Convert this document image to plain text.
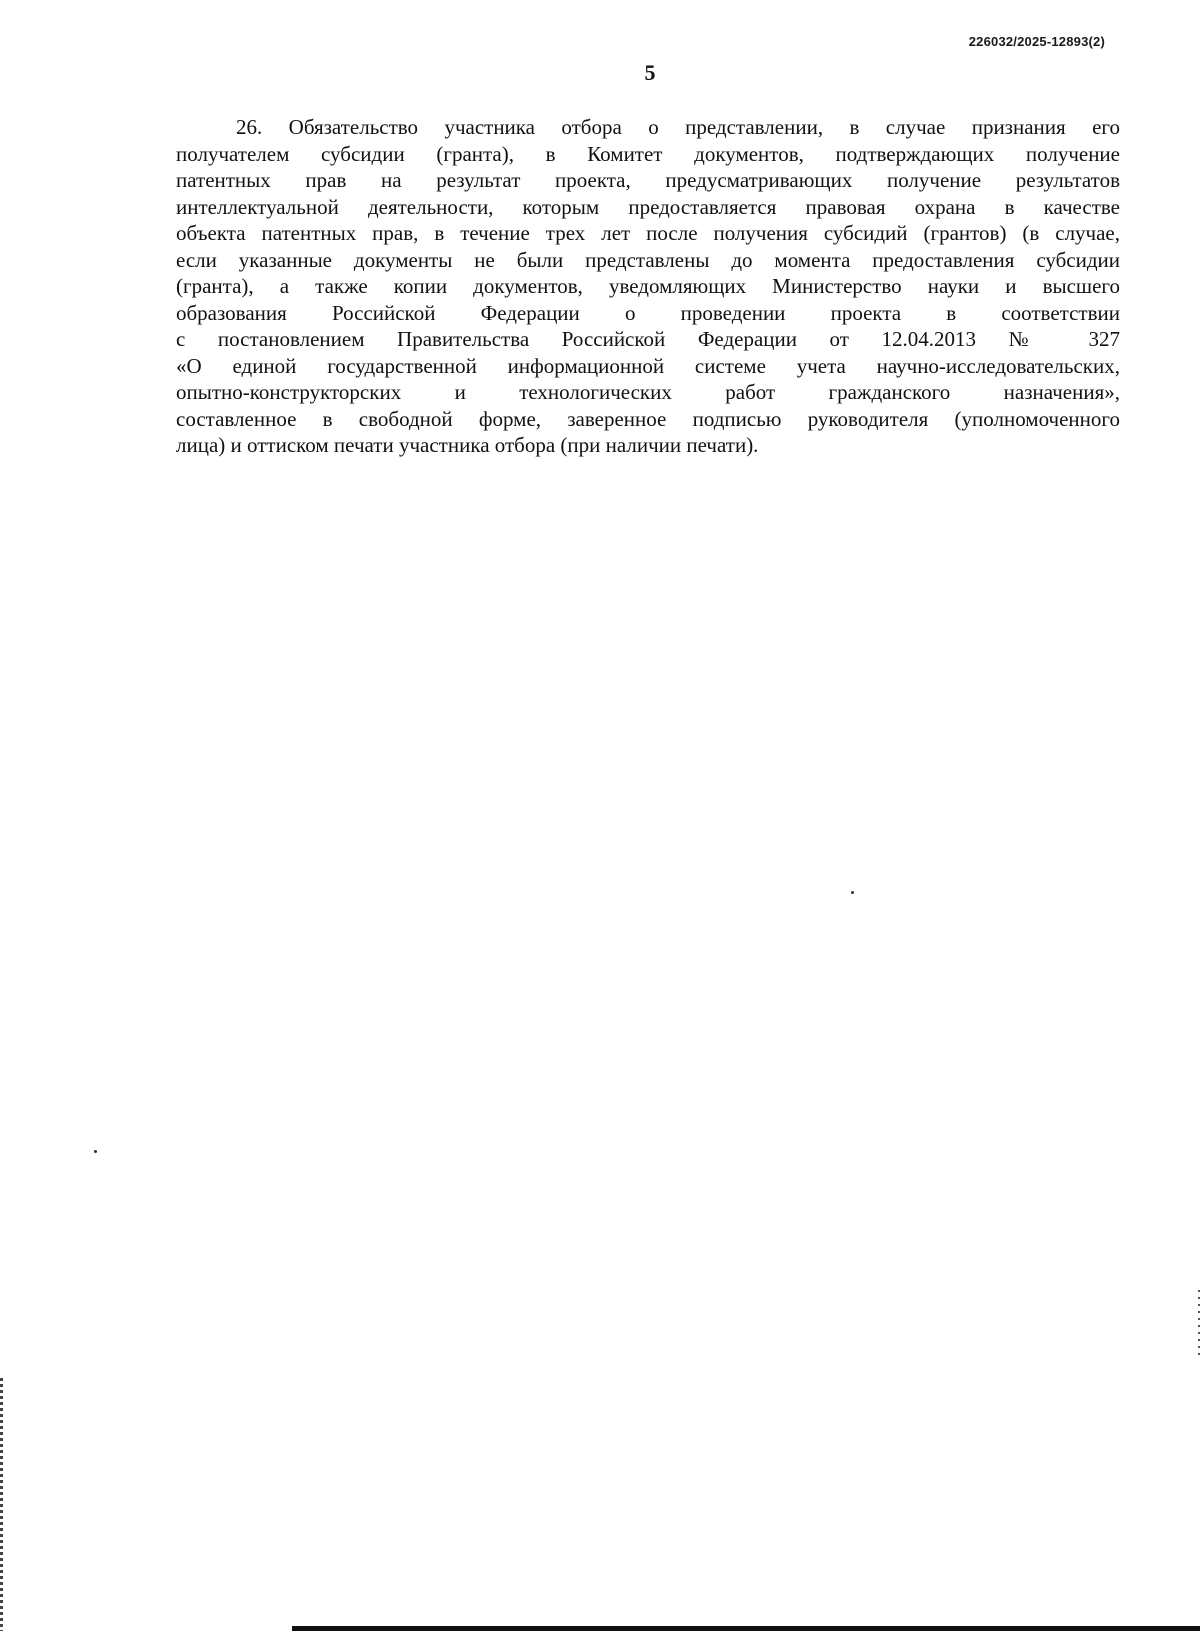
226032/2025-12893(2)
5
26. Обязательство участника отбора о представлении, в случае признания его
получателем субсидии (гранта), в Комитет документов, подтверждающих получение
патентных прав на результат проекта, предусматривающих получение результатов
интеллектуальной деятельности, которым предоставляется правовая охрана в качестве
объекта патентных прав, в течение трех лет после получения субсидий (грантов) (в случае,
если указанные документы не были представлены до момента предоставления субсидии
(гранта), а также копии документов, уведомляющих Министерство науки и высшего
образования Российской Федерации о проведении проекта в соответствии
с постановлением Правительства Российской Федерации от 12.04.2013 № 327
«О единой государственной информационной системе учета научно-исследовательских,
опытно-конструкторских и технологических работ гражданского назначения»,
составленное в свободной форме, заверенное подписью руководителя (уполномоченного
лица) и оттиском печати участника отбора (при наличии печати).
